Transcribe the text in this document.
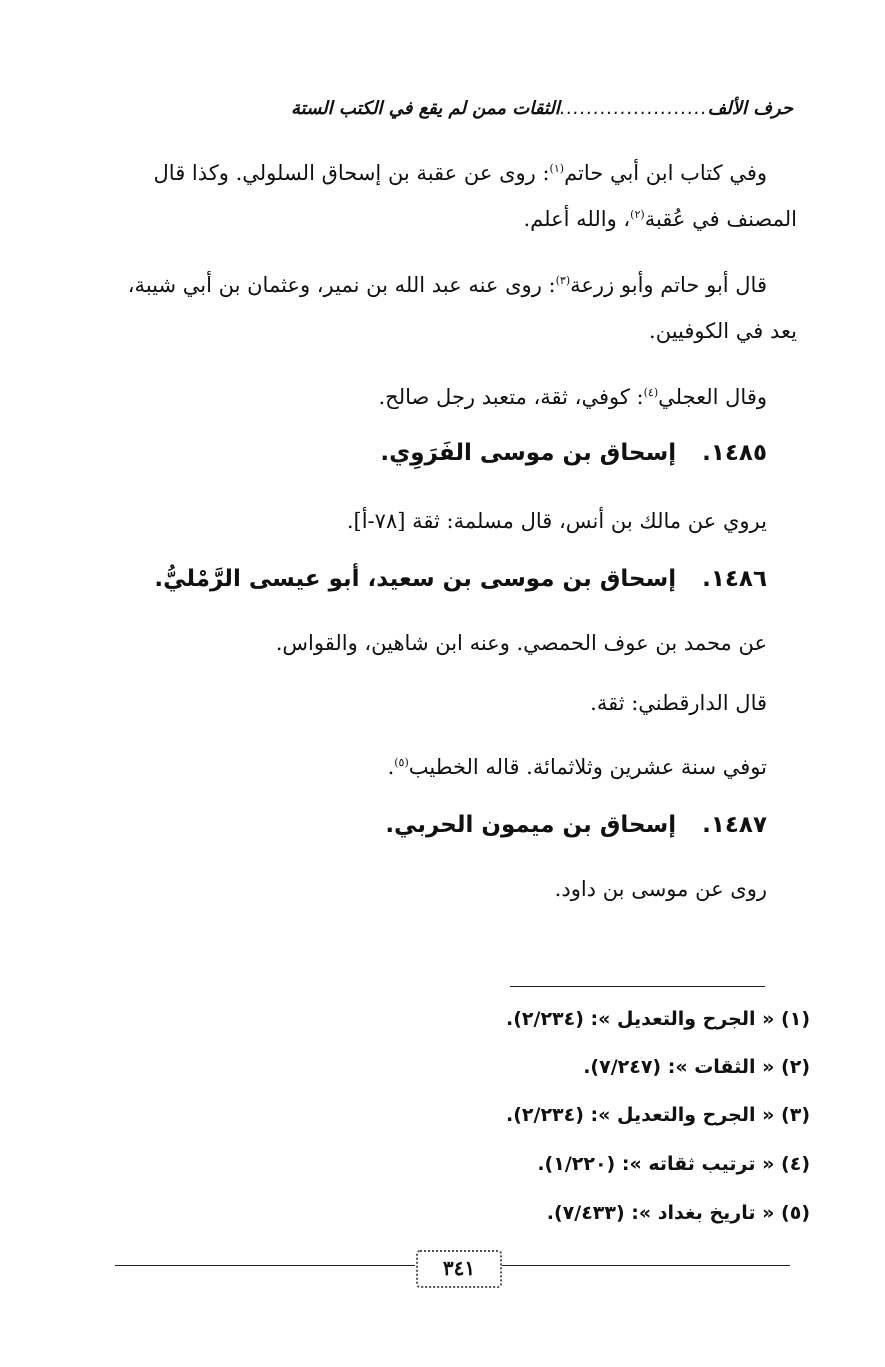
حرف الألف
......................
الثقات ممن لم يقع في الكتب الستة
وفي كتاب ابن أبي حاتم$^{(١)}$: روى عن عقبة بن إسحاق السلولي. وكذا قال
المصنف في عُقبة$^{(٢)}$، والله أعلم.
قال أبو حاتم وأبو زرعة$^{(٣)}$: روى عنه عبد الله بن نمير، وعثمان بن أبي شيبة،
يعد في الكوفيين.
وقال العجلي$^{(٤)}$: كوفي، ثقة، متعبد رجل صالح.
١٤٨٥.إسحاق بن موسى الفَرَوِي.
يروي عن مالك بن أنس، قال مسلمة: ثقة [٧٨-أ].
١٤٨٦.إسحاق بن موسى بن سعيد، أبو عيسى الرَّمْليُّ.
عن محمد بن عوف الحمصي. وعنه ابن شاهين، والقواس.
قال الدارقطني: ثقة.
توفي سنة عشرين وثلاثمائة. قاله الخطيب$^{(٥)}$.
١٤٨٧.إسحاق بن ميمون الحربي.
روى عن موسى بن داود.
(١) « الجرح والتعديل »: (٢/٢٣٤).
(٢) « الثقات »: (٧/٢٤٧).
(٣) « الجرح والتعديل »: (٢/٢٣٤).
(٤) « ترتيب ثقاته »: (١/٢٢٠).
(٥) « تاريخ بغداد »: (٧/٤٣٣).
٣٤١
